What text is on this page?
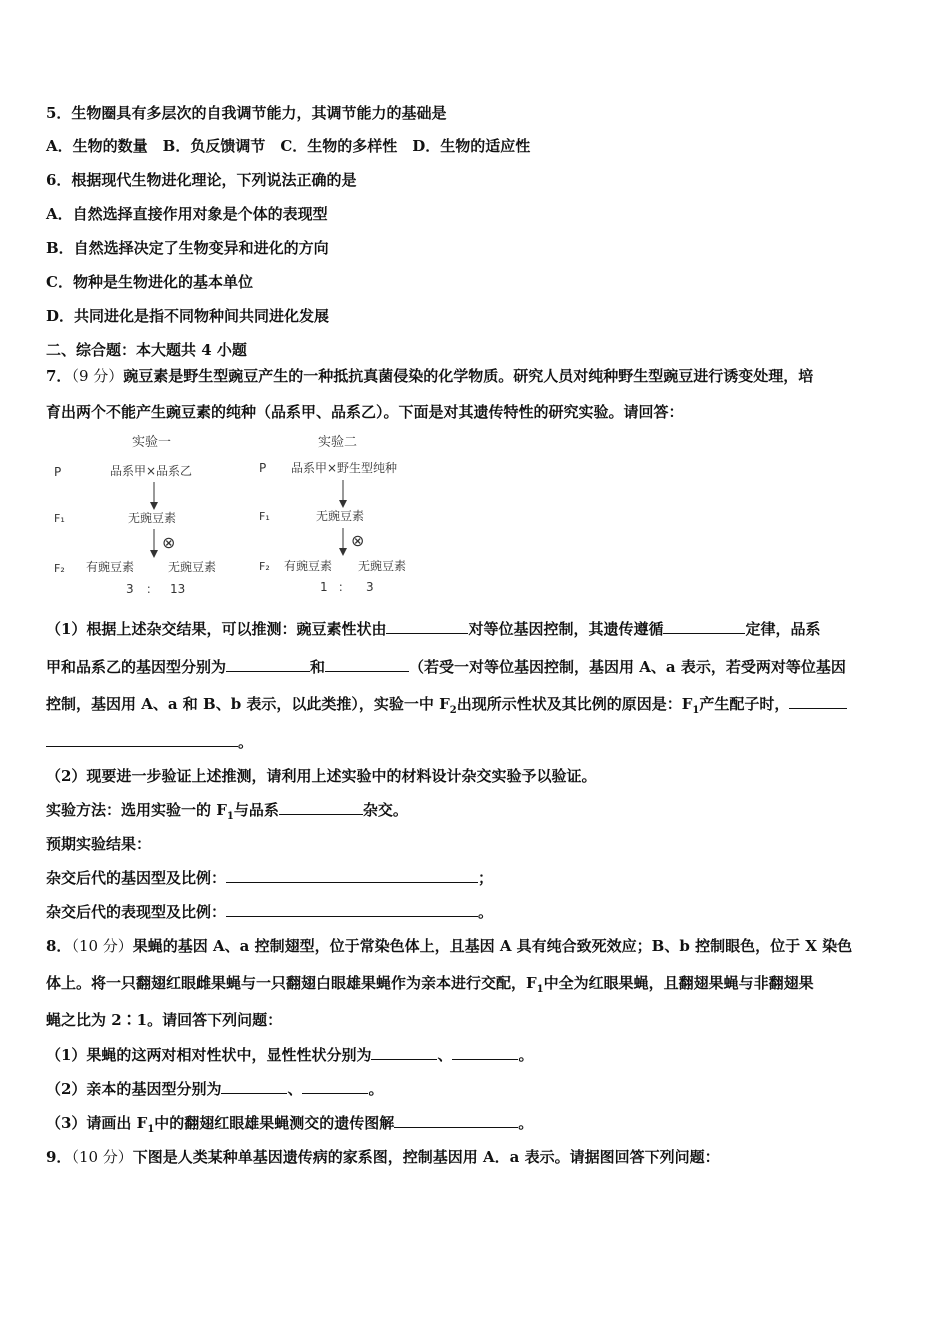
5．生物圈具有多层次的自我调节能力，其调节能力的基础是
A．生物的数量　B．负反馈调节　C．生物的多样性　D．生物的适应性
6．根据现代生物进化理论，下列说法正确的是
A．自然选择直接作用对象是个体的表现型
B．自然选择决定了生物变异和进化的方向
C．物种是生物进化的基本单位
D．共同进化是指不同物种间共同进化发展
二、综合题：本大题共 4 小题
7．（9 分）豌豆素是野生型豌豆产生的一种抵抗真菌侵染的化学物质。研究人员对纯种野生型豌豆进行诱变处理，培
育出两个不能产生豌豆素的纯种（品系甲、品系乙）。下面是对其遗传特性的研究实验。请回答：
实验一	实验二
P	品系甲×品系乙	P 品系甲×野生型纯种
F₁	无豌豆素	F₁	无豌豆素
⊗	⊗
F₂ 有豌豆素	无豌豆素	F₂ 有豌豆素 无豌豆素
3 ： 13	1 ： 3
（1）根据上述杂交结果，可以推测：豌豆素性状由	对等位基因控制，其遗传遵循	定律，品系
甲和品系乙的基因型分别为	和	（若受一对等位基因控制，基因用 A、a 表示，若受两对等位基因
控制，基因用 A、a 和 B、b 表示，以此类推），实验一中 $F_2$出现所示性状及其比例的原因是：$F_1$产生配子时，
。
（2）现要进一步验证上述推测，请利用上述实验中的材料设计杂交实验予以验证。
实验方法：选用实验一的 $F_1$与品系	杂交。
预期实验结果：
杂交后代的基因型及比例：	；
杂交后代的表现型及比例：	。
8．（10 分）果蝇的基因 A、a 控制翅型，位于常染色体上，且基因 A 具有纯合致死效应；B、b 控制眼色，位于 X 染色
体上。将一只翻翅红眼雌果蝇与一只翻翅白眼雄果蝇作为亲本进行交配，$F_1$中全为红眼果蝇，且翻翅果蝇与非翻翅果
蝇之比为 2∶1。请回答下列问题：
（1）果蝇的这两对相对性状中，显性性状分别为	、	。
（2）亲本的基因型分别为	、	。
（3）请画出 $F_1$中的翻翅红眼雄果蝇测交的遗传图解	。
9．（10 分）下图是人类某种单基因遗传病的家系图，控制基因用 A．a 表示。请据图回答下列问题：
